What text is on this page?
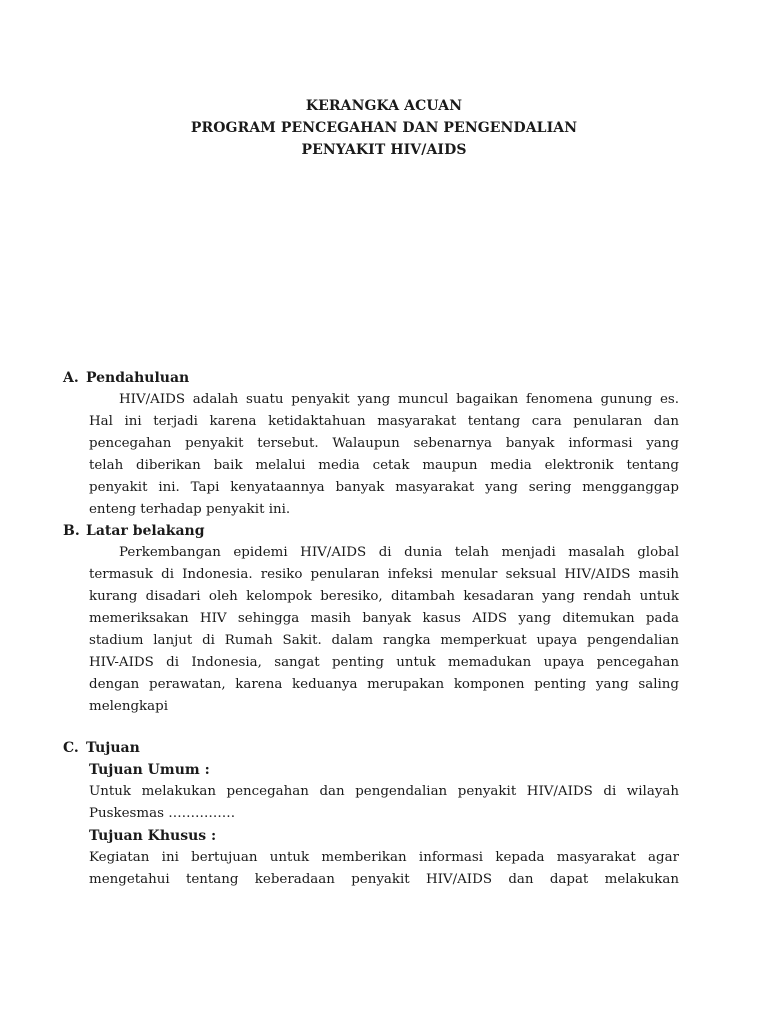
KERANGKA ACUAN
PROGRAM PENCEGAHAN DAN PENGENDALIAN
PENYAKIT HIV/AIDS
A. Pendahuluan
HIV/AIDS adalah suatu penyakit yang muncul bagaikan fenomena gunung es.
Hal ini terjadi karena ketidaktahuan masyarakat tentang cara penularan dan
pencegahan penyakit tersebut. Walaupun sebenarnya banyak informasi yang
telah diberikan baik melalui media cetak maupun media elektronik tentang
penyakit ini. Tapi kenyataannya banyak masyarakat yang sering mengganggap
enteng terhadap penyakit ini.
B. Latar belakang
Perkembangan epidemi HIV/AIDS di dunia telah menjadi masalah global
termasuk di Indonesia. resiko penularan infeksi menular seksual HIV/AIDS masih
kurang disadari oleh kelompok beresiko, ditambah kesadaran yang rendah untuk
memeriksakan HIV sehingga masih banyak kasus AIDS yang ditemukan pada
stadium lanjut di Rumah Sakit. dalam rangka memperkuat upaya pengendalian
HIV-AIDS di Indonesia, sangat penting untuk memadukan upaya pencegahan
dengan perawatan, karena keduanya merupakan komponen penting yang saling
melengkapi
C. Tujuan
Tujuan Umum :
Untuk melakukan pencegahan dan pengendalian penyakit HIV/AIDS di wilayah
Puskesmas ……………
Tujuan Khusus :
Kegiatan ini bertujuan untuk memberikan informasi kepada masyarakat agar
mengetahui tentang keberadaan penyakit HIV/AIDS dan dapat melakukan
